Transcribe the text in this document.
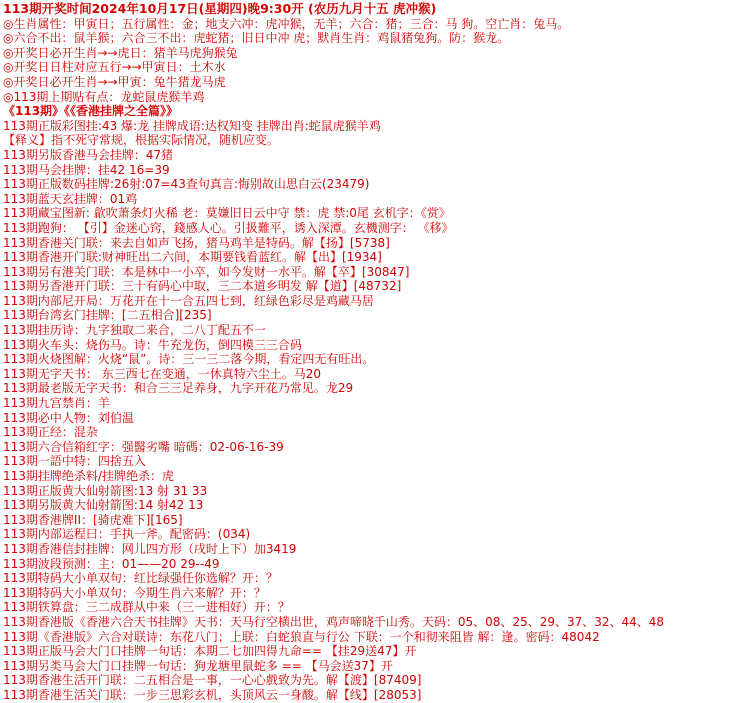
113期开奖时间2024年10月17日(星期四)晚9:30开 (农历九月十五 虎冲猴)
◎生肖属性：甲寅日；五行属性：金；地支六冲：虎冲猴，无羊；六合：猪；三合：马 狗。空亡肖：兔马。
◎六合不出：鼠羊猴；六合三不出：虎蛇猪；旧日中冲 虎；默肖生肖：鸡鼠猪兔狗。防：猴龙。
◎开奖日必开生肖→→虎日：猪羊马虎狗猴兔
◎开奖日日柱对应五行→→甲寅日：土木水
◎开奖日必开生肖→→甲寅：兔牛猪龙马虎
◎113期上期贴有点：龙蛇鼠虎猴羊鸡
《113期》《《香港挂牌之全篇》》
113期正版彩图挂:43 爆:龙 挂牌成语:达权知变 挂牌出肖:蛇鼠虎猴羊鸡
【释义】指不死守常规，根据实际情况，随机应变。
113期另版香港马会挂牌：47猪
113期马会挂牌：挂42 16=39
113期正版数码挂牌:26射:07=43查句真言:悔别故山思白云(23479)
113期蓝天玄挂牌：01鸡
113期藏宝图新: 歙吹萧条灯火稀 老：莫嫌旧日云中守 禁：虎 禁:0尾 玄机字：《赏》
113期跑狗： 【引】金迷心窍，錢感人心。引扱難平，诱入深潭。玄機测字： 《移》
113期香港关门联：来去自如声飞扬，猪马鸡羊是特码。解【扬】[5738]
113期香港开门联:财神旺出二六间，本期要钱看蓝红。解【出】[1934]
113期另有港关门联：本是林中一小卒，如今发财一水平。解【卒】[30847]
113期另香港开门联：三十有码心中取，三二本道乡明发 解【道】[48732]
113期内部尼开局：万花开在十一合五四七到，红绿色彩尽是鸡藏马居
113期台湾玄门挂牌：[二五相合][235]
113期挂历诗：九字独取二来合，二八丁配五不一
113期火车头：烧伤马。诗：牛充龙伤，倒四模三三合码
113期火烧图解：火烧“鼠”。诗：三一三二落今期，看定四无有旺出。
113期无字天书： 东三西七在变通，一休真特六尘土。马20
113期最老版无字天书：和合三三足养身，九字开花乃常见。龙29
113期九宫禁肖：羊
113期必中人物：刘伯温
113期正经：混杂
113期六合信箱红字：强醫劣嘴 暗碼：02-06-16-39
113期一語中特：四捨五入
113期挂牌绝杀料/挂牌绝杀：虎
113期正版黄大仙射箭图:13 射 31 33
113期另版黄大仙射箭图:14 射42 13
113期香港牌ⅠⅠ：[骑虎难下][165]
113期内部运程曰：手执一斧。配密码：(034)
113期香港信封挂牌：网儿四方形（戌时上下）加3419
113期波段预测：主：01——20 29--49
113期特码大小单双句：红比绿强任你选解？开：？
113期特码大小单双句：今期生肖六来解？开：？
113期铁算盘：三二成群从中来（三一进相好）开：？
113期香港版《香港六合天书挂牌》天书：天马行空横出世，鸡声啼晓千山秀。天码：05、08、25、29、37、32、44、48
113期《香港版》六合对联诗：东花八门；上联：白蛇狼直与行公 下联：一个和彻来阻皆 解：逢。密码：48042
113期正版马会大门口挂牌一句话：本期二七加四得九命== 【挂29送47】开
113期另类马会大门口挂牌一句话：狗龙塘里鼠蛇多 == 【马会送37】开
113期香港生活开门联：二五相合是一事，一心心戲致为先。解【渡】[87409]
113期香港生活关门联：一步三思彩玄机，头顶风云一身酸。解【线】[28053]
